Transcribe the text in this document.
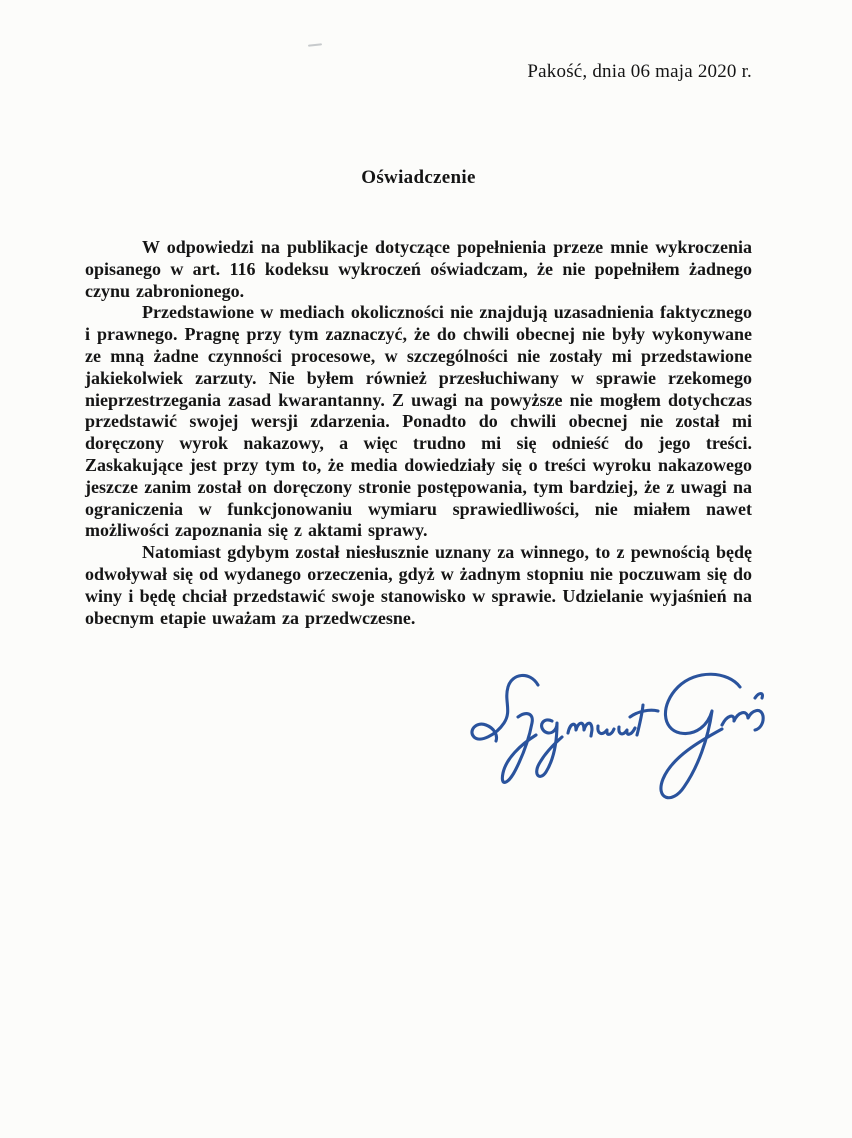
Pakość, dnia 06 maja 2020 r.
Oświadczenie

W odpowiedzi na publikacje dotyczące popełnienia przeze mnie wykroczenia opisanego w art. 116 kodeksu wykroczeń oświadczam, że nie popełniłem żadnego czynu zabronionego.

Przedstawione w mediach okoliczności nie znajdują uzasadnienia faktycznego i prawnego. Pragnę przy tym zaznaczyć, że do chwili obecnej nie były wykonywane ze mną żadne czynności procesowe, w szczególności nie zostały mi przedstawione jakiekolwiek zarzuty. Nie byłem również przesłuchiwany w sprawie rzekomego nieprzestrzegania zasad kwarantanny. Z uwagi na powyższe nie mogłem dotychczas przedstawić swojej wersji zdarzenia. Ponadto do chwili obecnej nie został mi doręczony wyrok nakazowy, a więc trudno mi się odnieść do jego treści. Zaskakujące jest przy tym to, że media dowiedziały się o treści wyroku nakazowego jeszcze zanim został on doręczony stronie postępowania, tym bardziej, że z uwagi na ograniczenia w funkcjonowaniu wymiaru sprawiedliwości, nie miałem nawet możliwości zapoznania się z aktami sprawy.

Natomiast gdybym został niesłusznie uznany za winnego, to z pewnością będę odwoływał się od wydanego orzeczenia, gdyż w żadnym stopniu nie poczuwam się do winy i będę chciał przedstawić swoje stanowisko w sprawie. Udzielanie wyjaśnień na obecnym etapie uważam za przedwczesne.
